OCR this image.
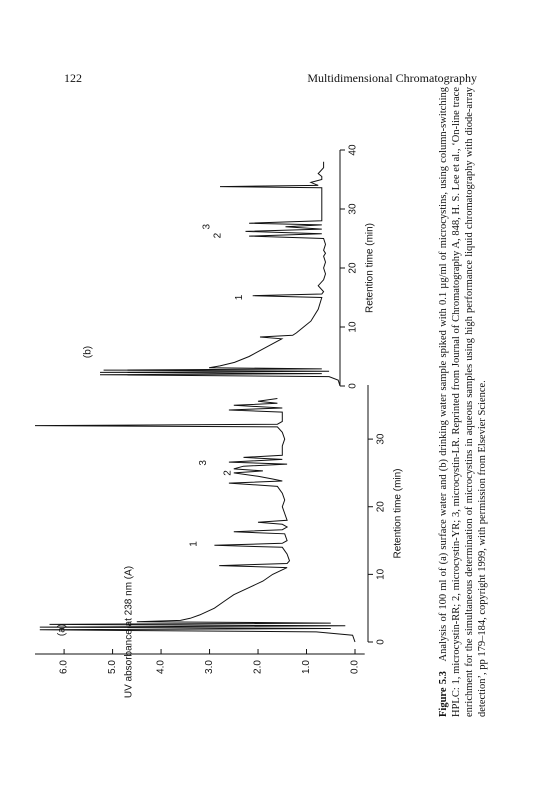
122	Multidimensional Chromatography
0
10
20
30
Retention time (min)
0.0
1.0
2.0
3.0
4.0
5.0
6.0	UV absorbance at 238 nm (A)
(a)
1
2
3
0
10
20
30
40
Retention time (min)
(b)
1
2
3
Figure 5.3   Analysis of 100 ml of (a) surface water and (b) drinking water sample spiked with 0.1 µg/ml of microcystins, using column-switching HPLC: 1, microcystin-RR; 2, microcystin-YR; 3, microcystin-LR. Reprinted from Journal of Chromatography A, 848, H. S. Lee et al., ‘On-line trace enrichment for the simultaneous determination of microcystins in aqueous samples using high performance liquid chromatography with diode-array detection’, pp 179–184, copyright 1999, with permission from Elsevier Science.
